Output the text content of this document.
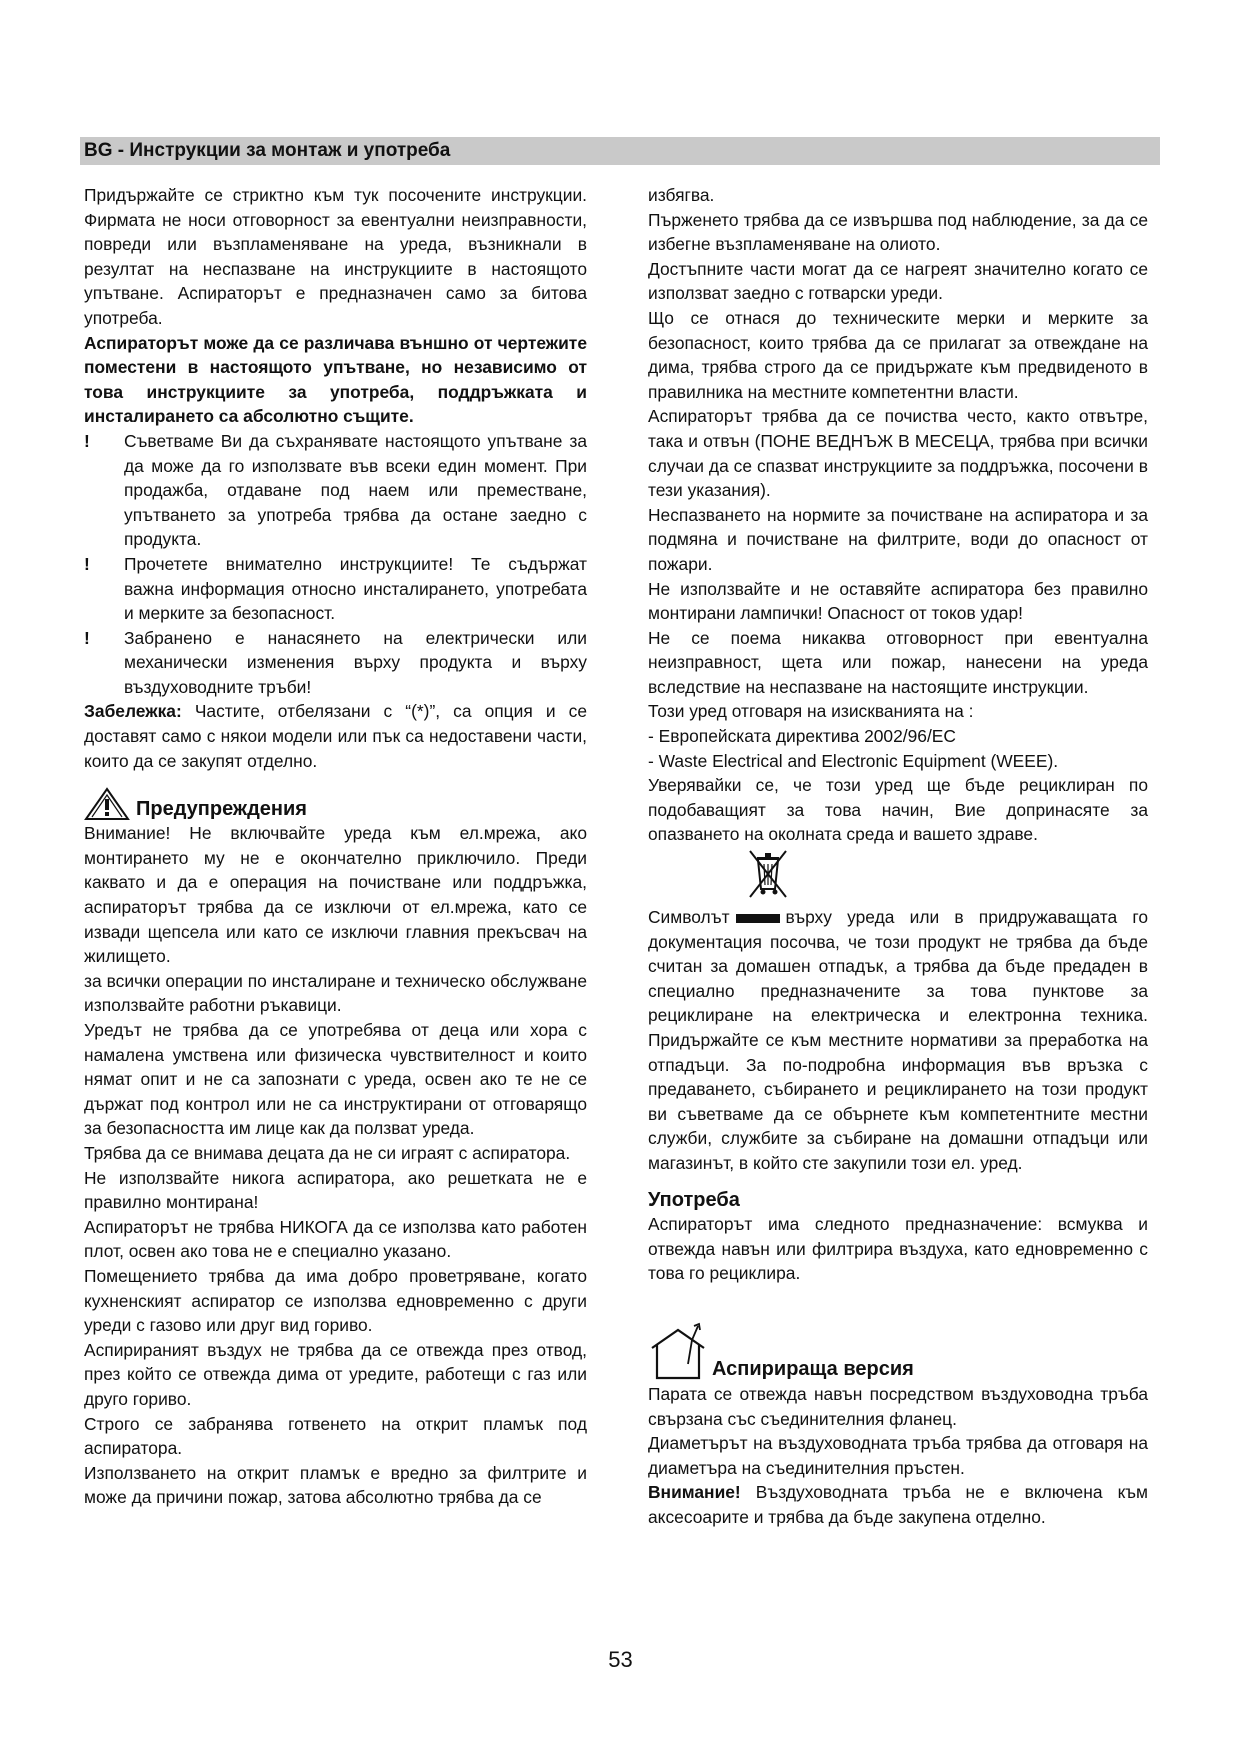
BG - Инструкции за монтаж и употреба

Придържайте се стриктно към тук посочените инструкции. Фирмата не носи отговорност за евентуални неизправности, повреди или възпламеняване на уреда, възникнали в резултат на неспазване на инструкциите в настоящото упътване. Аспираторът е предназначен само за битова употреба.

Аспираторът може да се различава външно от чертежите поместени в настоящото упътване, но независимо от това инструкциите за употреба, поддръжката и инсталирането са абсолютно същите.

! Съветваме Ви да съхранявате настоящото упътване за да може да го използвате във всеки един момент. При продажба, отдаване под наем или преместване, упътването за употреба трябва да остане заедно с продукта.

! Прочетете внимателно инструкциите! Те съдържат важна информация относно инсталирането, употребата и мерките за безопасност.

! Забранено е нанасянето на електрически или механически изменения върху продукта и върху въздуховодните тръби!

Забележка: Частите, отбелязани с “(*)”, са опция и се доставят само с някои модели или пък са недоставени части, които да се закупят отделно.

Предупреждения

Внимание! Не включвайте уреда към ел.мрежа, ако монтирането му не е окончателно приключило. Преди каквато и да е операция на почистване или поддръжка, аспираторът трябва да се изключи от ел.мрежа, като се извади щепсела или като се изключи главния прекъсвач на жилището.

за всички операции по инсталиране и техническо обслужване използвайте работни ръкавици.

Уредът не трябва да се употребява от деца или хора с намалена умствена или физическа чувствителност и които нямат опит и не са запознати с уреда, освен ако те не се държат под контрол или не са инструктирани от отговарящо за безопасността им лице как да ползват уреда.

Трябва да се внимава децата да не си играят с аспиратора.

Не използвайте никога аспиратора, ако решетката не е правилно монтирана!

Аспираторът не трябва НИКОГА да се използва като работен плот, освен ако това не е специално указано.

Помещението трябва да има добро проветряване, когато кухненският аспиратор се използва едновременно с други уреди с газово или друг вид гориво.

Аспирираният въздух не трябва да се отвежда през отвод, през който се отвежда дима от уредите, работещи с газ или друго гориво.

Строго се забранява готвенето на открит пламък под аспиратора.

Използването на открит пламък е вредно за филтрите и може да причини пожар, затова абсолютно трябва да се

избягва.

Пърженето трябва да се извършва под наблюдение, за да се избегне възпламеняване на олиото.

Достъпните части могат да се нагреят значително когато се използват заедно с готварски уреди.

Що се отнася до техническите мерки и мерките за безопасност, които трябва да се прилагат за отвеждане на дима, трябва строго да се придържате към предвиденото в правилника на местните компетентни власти.

Аспираторът трябва да се почиства често, както отвътре, така и отвън (ПОНЕ ВЕДНЪЖ В МЕСЕЦА, трябва при всички случаи да се спазват инструкциите за поддръжка, посочени в тези указания).

Неспазването на нормите за почистване на аспиратора и за подмяна и почистване на филтрите, води до опасност от пожари.

Не използвайте и не оставяйте аспиратора без правилно монтирани лампички! Опасност от токов удар!

Не се поема никаква отговорност при евентуална неизправност, щета или пожар, нанесени на уреда вследствие на неспазване на настоящите инструкции.

Този уред отговаря на изискванията на :

- Европейската директива 2002/96/EC

- Waste Electrical and Electronic Equipment (WEEE).

Уверявайки се, че този уред ще бъде рециклиран по подобаващият за това начин, Вие допринасяте за опазването на околната среда и вашето здраве.

Символът	върху уреда или в придружаващата го документация посочва, че този продукт не трябва да бъде считан за домашен отпадък, а трябва да бъде предаден в специално предназначените за това пунктове за рециклиране на електрическа и електронна техника. Придържайте се към местните нормативи за преработка на отпадъци. За по-подробна информация във връзка с предаването, събирането и рециклирането на този продукт ви съветваме да се обърнете към компетентните местни служби, службите за събиране на домашни отпадъци или магазинът, в който сте закупили този ел. уред.

Употреба

Аспираторът има следното предназначение: всмуква и отвежда навън или филтрира въздуха, като едновременно с това го рециклира.

Аспирираща версия

Парата се отвежда навън посредством въздуховодна тръба свързана със съединителния фланец.

Диаметърът на въздуховодната тръба трябва да отговаря на диаметъра на съединителния пръстен.

Внимание! Въздуховодната тръба не е включена към аксесоарите и трябва да бъде закупена отделно.

53
